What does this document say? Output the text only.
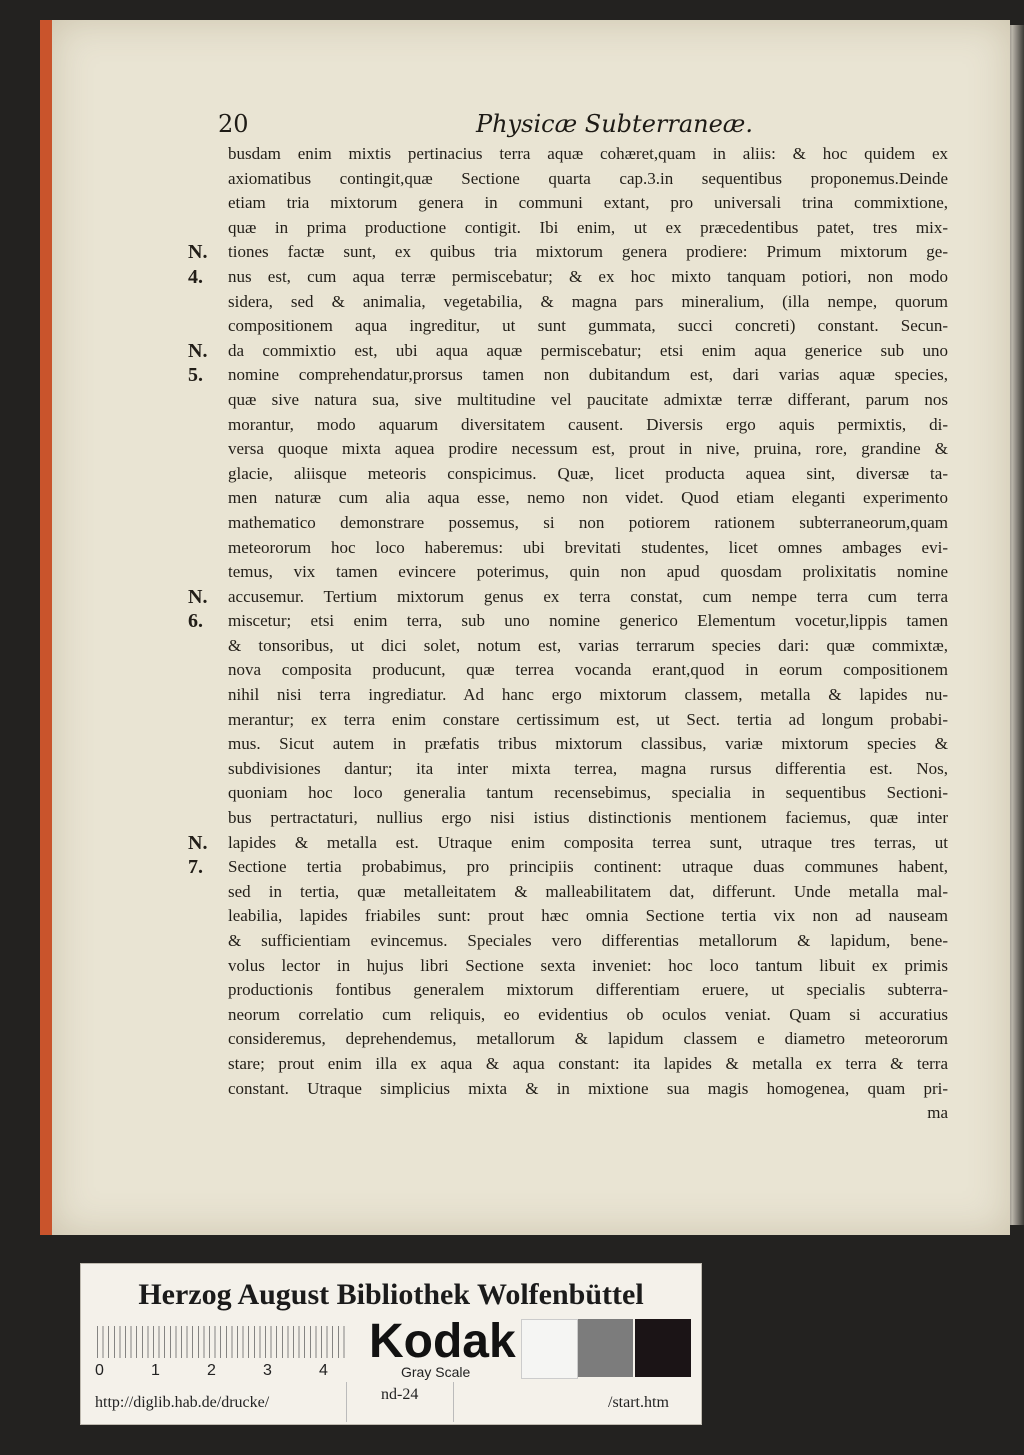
20	Physicæ Subterraneæ.
busdam enim mixtis pertinacius terra aquæ cohæret,quam in aliis: & hoc quidem ex
axiomatibus contingit,quæ Sectione quarta cap.3.in sequentibus proponemus.Deinde
etiam tria mixtorum genera in communi extant, pro universali trina commixtione,
quæ in prima productione contigit. Ibi enim, ut ex præcedentibus patet, tres mix-
tiones factæ sunt, ex quibus tria mixtorum genera prodiere: Primum mixtorum ge-
nus est, cum aqua terræ permiscebatur; & ex hoc mixto tanquam potiori, non modo
sidera, sed & animalia, vegetabilia, & magna pars mineralium, (illa nempe, quorum
compositionem aqua ingreditur, ut sunt gummata, succi concreti) constant. Secun-
da commixtio est, ubi aqua aquæ permiscebatur; etsi enim aqua generice sub uno
nomine comprehendatur,prorsus tamen non dubitandum est, dari varias aquæ species,
quæ sive natura sua, sive multitudine vel paucitate admixtæ terræ differant, parum nos
morantur, modo aquarum diversitatem causent. Diversis ergo aquis permixtis, di-
versa quoque mixta aquea prodire necessum est, prout in nive, pruina, rore, grandine &
glacie, aliisque meteoris conspicimus. Quæ, licet producta aquea sint, diversæ ta-
men naturæ cum alia aqua esse, nemo non videt. Quod etiam eleganti experimento
mathematico demonstrare possemus, si non potiorem rationem subterraneorum,quam
meteororum hoc loco haberemus: ubi brevitati studentes, licet omnes ambages evi-
temus, vix tamen evincere poterimus, quin non apud quosdam prolixitatis nomine
accusemur. Tertium mixtorum genus ex terra constat, cum nempe terra cum terra
miscetur; etsi enim terra, sub uno nomine generico Elementum vocetur,lippis tamen
& tonsoribus, ut dici solet, notum est, varias terrarum species dari: quæ commixtæ,
nova composita producunt, quæ terrea vocanda erant,quod in eorum compositionem
nihil nisi terra ingrediatur. Ad hanc ergo mixtorum classem, metalla & lapides nu-
merantur; ex terra enim constare certissimum est, ut Sect. tertia ad longum probabi-
mus. Sicut autem in præfatis tribus mixtorum classibus, variæ mixtorum species &
subdivisiones dantur; ita inter mixta terrea, magna rursus differentia est. Nos,
quoniam hoc loco generalia tantum recensebimus, specialia in sequentibus Sectioni-
bus pertractaturi, nullius ergo nisi istius distinctionis mentionem faciemus, quæ inter
lapides & metalla est. Utraque enim composita terrea sunt, utraque tres terras, ut
Sectione tertia probabimus, pro principiis continent: utraque duas communes habent,
sed in tertia, quæ metalleitatem & malleabilitatem dat, differunt. Unde metalla mal-
leabilia, lapides friabiles sunt: prout hæc omnia Sectione tertia vix non ad nauseam
& sufficientiam evincemus. Speciales vero differentias metallorum & lapidum, bene-
volus lector in hujus libri Sectione sexta inveniet: hoc loco tantum libuit ex primis
productionis fontibus generalem mixtorum differentiam eruere, ut specialis subterra-
neorum correlatio cum reliquis, eo evidentius ob oculos veniat. Quam si accuratius
consideremus, deprehendemus, metallorum & lapidum classem e diametro meteororum
stare; prout enim illa ex aqua & aqua constant: ita lapides & metalla ex terra & terra
constant. Utraque simplicius mixta & in mixtione sua magis homogenea, quam pri-
ma
N.
4.
N.
5.
N.
6.
N.
7.
Herzog August Bibliothek Wolfenbüttel
0	1	2	3	4
Kodak
Gray Scale
http://diglib.hab.de/drucke/	nd-24	/start.htm
